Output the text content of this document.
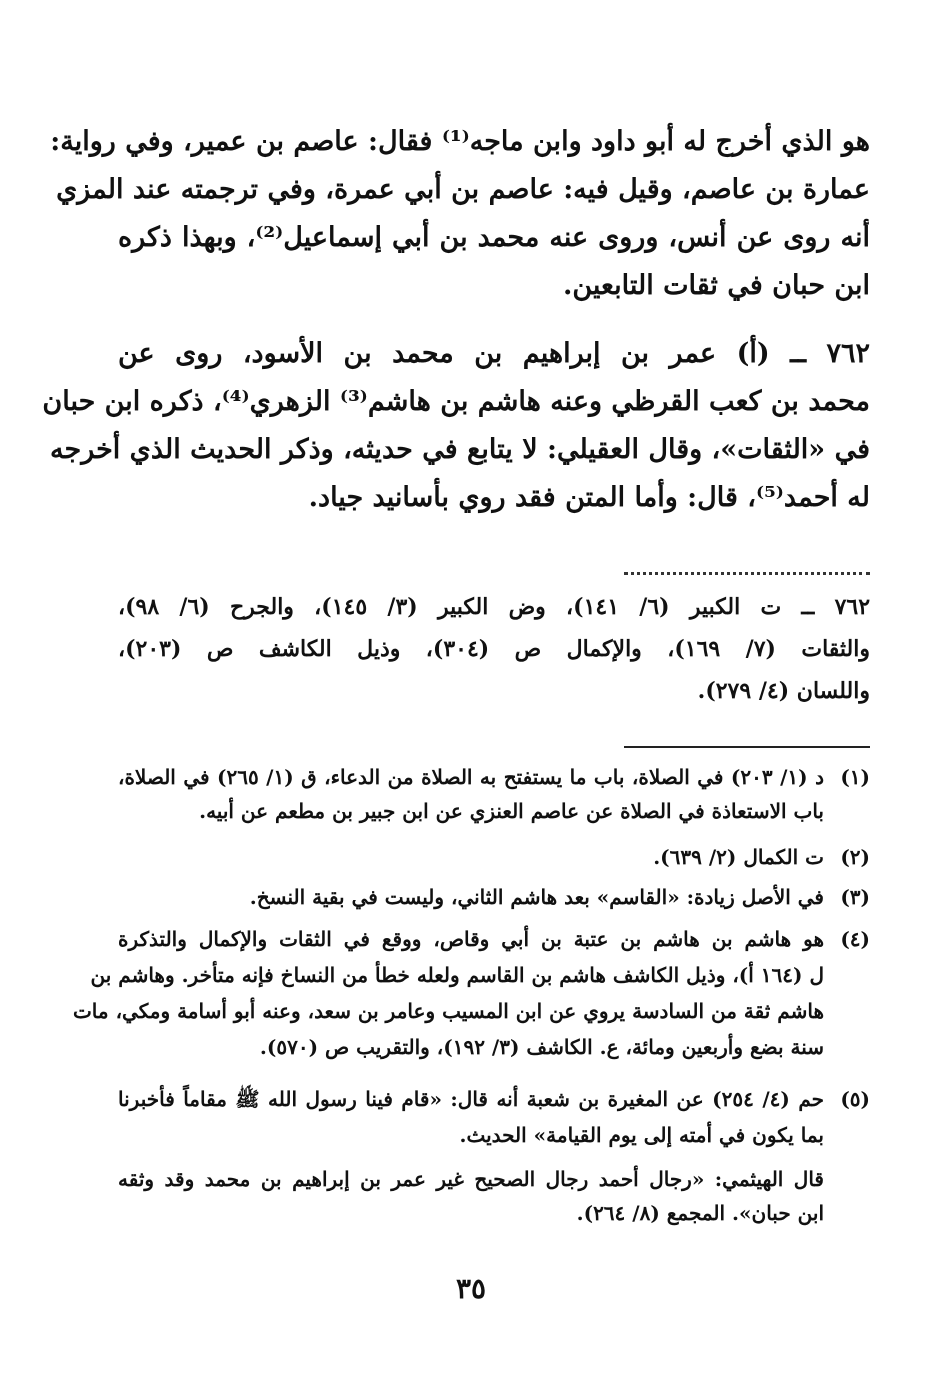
هو الذي أخرج له أبو داود وابن ماجه⁽¹⁾ فقال: عاصم بن عمير، وفي رواية:
عمارة بن عاصم، وقيل فيه: عاصم بن أبي عمرة، وفي ترجمته عند المزي
أنه روى عن أنس، وروى عنه محمد بن أبي إسماعيل⁽²⁾، وبهذا ذكره
ابن حبان في ثقات التابعين.
٧٦٢ ــ (أ) عمر بن إبراهيم بن محمد بن الأسود، روى عن
محمد بن كعب القرظي وعنه هاشم بن هاشم⁽³⁾ الزهري⁽⁴⁾، ذكره ابن حبان
في «الثقات»، وقال العقيلي: لا يتابع في حديثه، وذكر الحديث الذي أخرجه
له أحمد⁽⁵⁾، قال: وأما المتن فقد روي بأسانيد جياد.
٧٦٢ ــ ت الكبير (٦/ ١٤١)، وض الكبير (٣/ ١٤٥)، والجرح (٦/ ٩٨)،
والثقات (٧/ ١٦٩)، والإكمال ص (٣٠٤)، وذيل الكاشف ص (٢٠٣)،
واللسان (٤/ ٢٧٩).
(١)
د (١/ ٢٠٣) في الصلاة، باب ما يستفتح به الصلاة من الدعاء، ق (١/ ٢٦٥) في الصلاة،
باب الاستعاذة في الصلاة عن عاصم العنزي عن ابن جبير بن مطعم عن أبيه.
(٢)
ت الكمال (٢/ ٦٣٩).
(٣)
في الأصل زيادة: «القاسم» بعد هاشم الثاني، وليست في بقية النسخ.
(٤)
هو هاشم بن هاشم بن عتبة بن أبي وقاص، ووقع في الثقات والإكمال والتذكرة
ل (١٦٤ أ)، وذيل الكاشف هاشم بن القاسم ولعله خطأ من النساخ فإنه متأخر. وهاشم بن
هاشم ثقة من السادسة يروي عن ابن المسيب وعامر بن سعد، وعنه أبو أسامة ومكي، مات
سنة بضع وأربعين ومائة، ع. الكاشف (٣/ ١٩٢)، والتقريب ص (٥٧٠).
(٥)
حم (٤/ ٢٥٤) عن المغيرة بن شعبة أنه قال: «قام فينا رسول الله ﷺ مقاماً فأخبرنا
بما يكون في أمته إلى يوم القيامة» الحديث.
قال الهيثمي: «رجال أحمد رجال الصحيح غير عمر بن إبراهيم بن محمد وقد وثقه
ابن حبان». المجمع (٨/ ٢٦٤).
٣٥
